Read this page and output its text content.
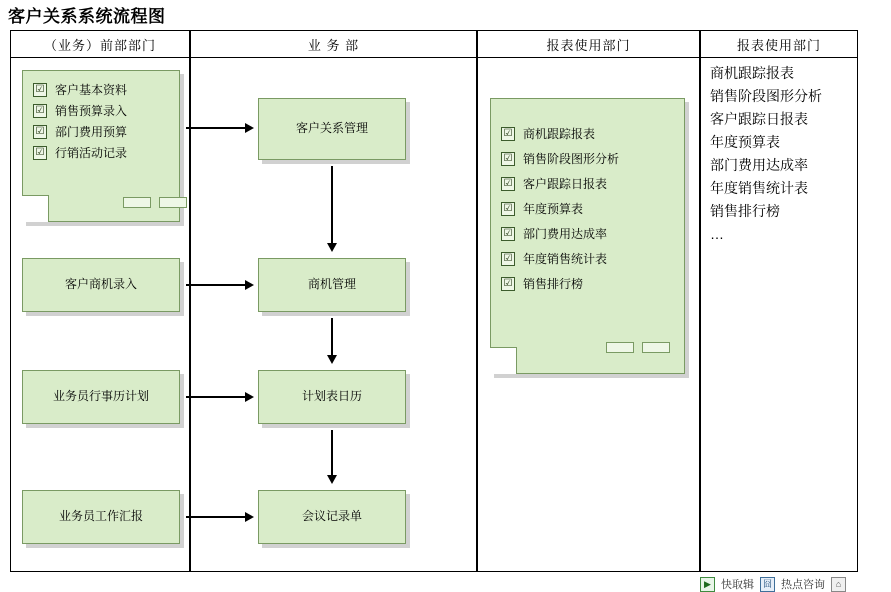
客户关系系统流程图
（业务）前部部门	业 务 部	报表使用部门	报表使用部门
☑ 客户基本资料
☑ 销售预算录入
☑ 部门费用预算
☑ 行销活动记录
客户商机录入
业务员行事历计划
业务员工作汇报
客户关系管理
商机管理
计划表日历
会议记录单
☑ 商机跟踪报表
☑ 销售阶段图形分析
☑ 客户跟踪日报表
☑ 年度预算表
☑ 部门费用达成率
☑ 年度销售统计表
☑ 销售排行榜
商机跟踪报表
销售阶段图形分析
客户跟踪日报表
年度预算表
部门费用达成率
年度销售统计表
销售排行榜
…
▶ 快取辑 囧 热点咨询	⌂
